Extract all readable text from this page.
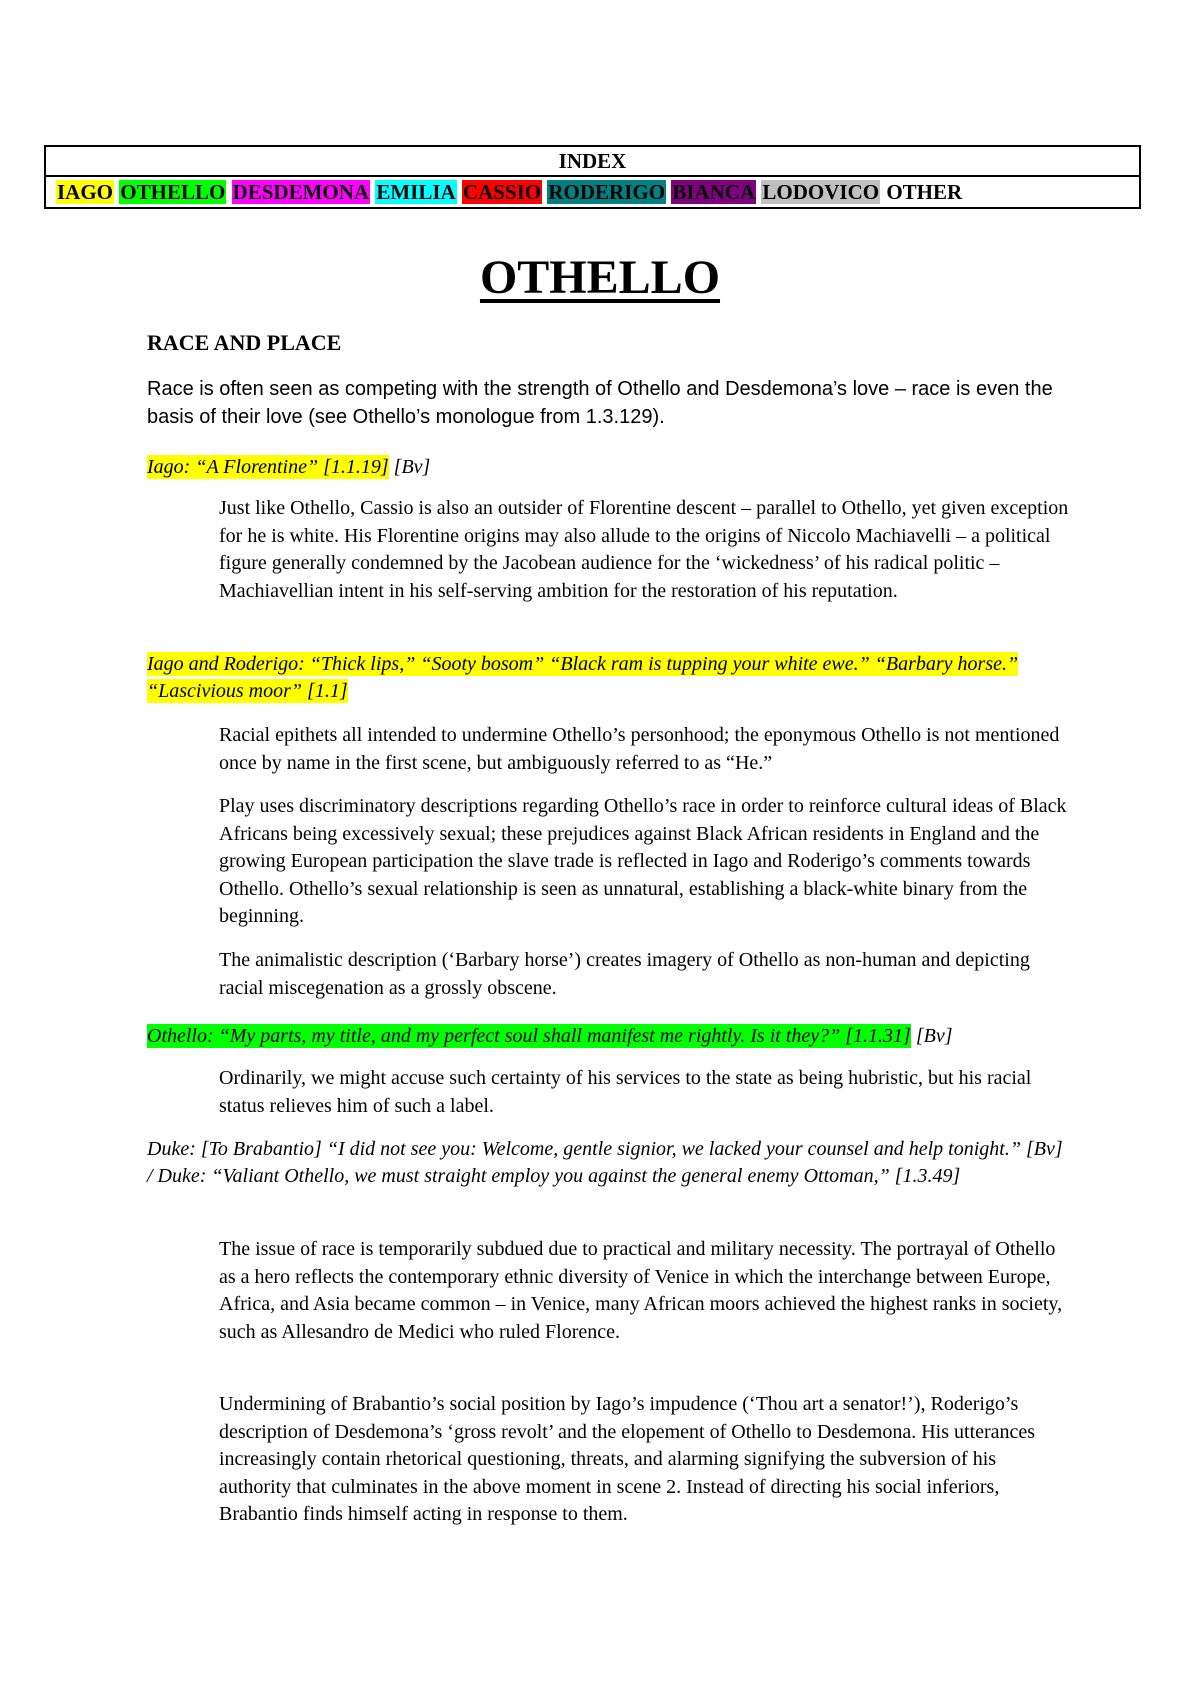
INDEX
IAGO OTHELLO DESDEMONA EMILIA CASSIO RODERIGO BIANCA LODOVICO OTHER
OTHELLO
RACE AND PLACE

Race is often seen as competing with the strength of Othello and Desdemona’s love – race is even the basis of their love (see Othello’s monologue from 1.3.129).

Iago: “A Florentine” [1.1.19] [Bv]

Just like Othello, Cassio is also an outsider of Florentine descent – parallel to Othello, yet given exception for he is white. His Florentine origins may also allude to the origins of Niccolo Machiavelli – a political figure generally condemned by the Jacobean audience for the ‘wickedness’ of his radical politic – Machiavellian intent in his self-serving ambition for the restoration of his reputation.

Iago and Roderigo: “Thick lips,” “Sooty bosom” “Black ram is tupping your white ewe.” “Barbary horse.” “Lascivious moor” [1.1]

Racial epithets all intended to undermine Othello’s personhood; the eponymous Othello is not mentioned once by name in the first scene, but ambiguously referred to as “He.”

Play uses discriminatory descriptions regarding Othello’s race in order to reinforce cultural ideas of Black Africans being excessively sexual; these prejudices against Black African residents in England and the growing European participation the slave trade is reflected in Iago and Roderigo’s comments towards Othello. Othello’s sexual relationship is seen as unnatural, establishing a black-white binary from the beginning.

The animalistic description (‘Barbary horse’) creates imagery of Othello as non-human and depicting racial miscegenation as a grossly obscene.

Othello: “My parts, my title, and my perfect soul shall manifest me rightly. Is it they?” [1.1.31] [Bv]

Ordinarily, we might accuse such certainty of his services to the state as being hubristic, but his racial status relieves him of such a label.

Duke: [To Brabantio] “I did not see you: Welcome, gentle signior, we lacked your counsel and help tonight.” [Bv] / Duke: “Valiant Othello, we must straight employ you against the general enemy Ottoman,” [1.3.49]

The issue of race is temporarily subdued due to practical and military necessity. The portrayal of Othello as a hero reflects the contemporary ethnic diversity of Venice in which the interchange between Europe, Africa, and Asia became common – in Venice, many African moors achieved the highest ranks in society, such as Allesandro de Medici who ruled Florence.

Undermining of Brabantio’s social position by Iago’s impudence (‘Thou art a senator!’), Roderigo’s description of Desdemona’s ‘gross revolt’ and the elopement of Othello to Desdemona. His utterances increasingly contain rhetorical questioning, threats, and alarming signifying the subversion of his authority that culminates in the above moment in scene 2. Instead of directing his social inferiors, Brabantio finds himself acting in response to them.
